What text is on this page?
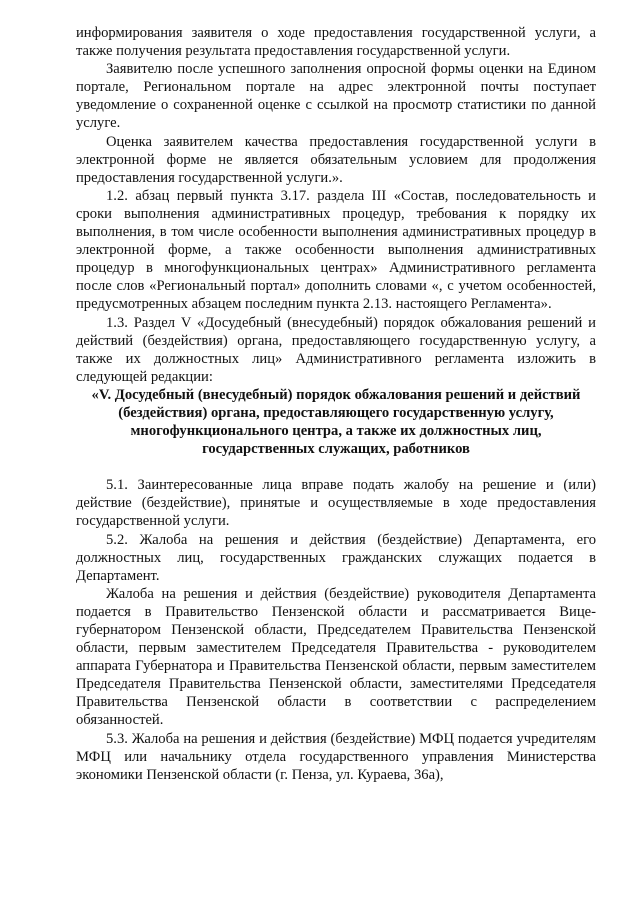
информирования заявителя о ходе предоставления государственной услуги, а также получения результата предоставления государственной услуги.

Заявителю после успешного заполнения опросной формы оценки на Едином портале, Региональном портале на адрес электронной почты поступает уведомление о сохраненной оценке с ссылкой на просмотр статистики по данной услуге.

Оценка заявителем качества предоставления государственной услуги в электронной форме не является обязательным условием для продолжения предоставления государственной услуги.».

1.2. абзац первый пункта 3.17. раздела III «Состав, последовательность и сроки выполнения административных процедур, требования к порядку их выполнения, в том числе особенности выполнения административных процедур в электронной форме, а также особенности выполнения административных процедур в многофункциональных центрах» Административного регламента после слов «Региональный портал» дополнить словами «, с учетом особенностей, предусмотренных абзацем последним пункта 2.13. настоящего Регламента».

1.3. Раздел V «Досудебный (внесудебный) порядок обжалования решений и действий (бездействия) органа, предоставляющего государственную услугу, а также их должностных лиц» Административного регламента изложить в следующей редакции:

«V. Досудебный (внесудебный) порядок обжалования решений и действий (бездействия) органа, предоставляющего государственную услугу, многофункционального центра, а также их должностных лиц, государственных служащих, работников

5.1. Заинтересованные лица вправе подать жалобу на решение и (или) действие (бездействие), принятые и осуществляемые в ходе предоставления государственной услуги.

5.2. Жалоба на решения и действия (бездействие) Департамента, его должностных лиц, государственных гражданских служащих подается в Департамент.

Жалоба на решения и действия (бездействие) руководителя Департамента подается в Правительство Пензенской области и рассматривается Вице-губернатором Пензенской области, Председателем Правительства Пензенской области, первым заместителем Председателя Правительства - руководителем аппарата Губернатора и Правительства Пензенской области, первым заместителем Председателя Правительства Пензенской области, заместителями Председателя Правительства Пензенской области в соответствии с распределением обязанностей.

5.3. Жалоба на решения и действия (бездействие) МФЦ подается учредителям МФЦ или начальнику отдела государственного управления Министерства экономики Пензенской области (г. Пенза, ул. Кураева, 36а),
